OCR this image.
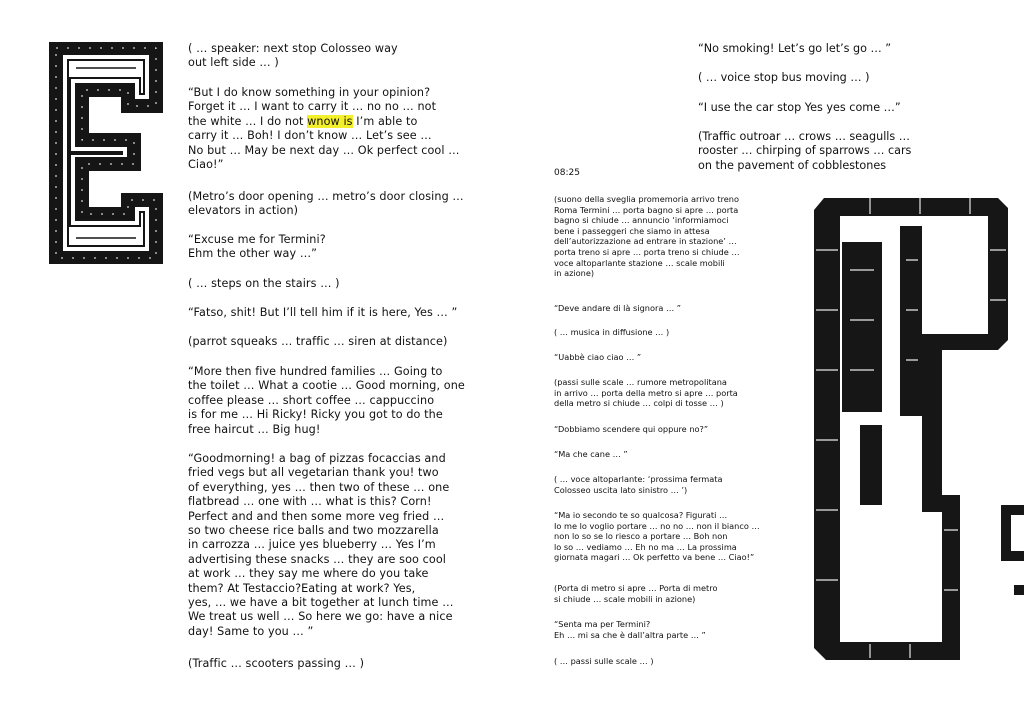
( … speaker: next stop Colosseo way
out left side … )
“But I do know something in your opinion?
Forget it … I want to carry it … no no … not
the white … I do not wnow is I’m able to
carry it … Boh! I don’t know … Let’s see …
No but … May be next day … Ok perfect cool …
Ciao!”
(Metro’s door opening … metro’s door closing …
elevators in action)
“Excuse me for Termini?
Ehm the other way …”
( … steps on the stairs … )
“Fatso, shit! But I’ll tell him if it is here, Yes … ”
(parrot squeaks … traffic … siren at distance)
“More then five hundred families … Going to
the toilet … What a cootie … Good morning, one
coffee please … short coffee … cappuccino
is for me … Hi Ricky! Ricky you got to do the
free haircut … Big hug!
“Goodmorning! a bag of pizzas focaccias and
fried vegs but all vegetarian thank you! two
of everything, yes … then two of these … one
flatbread … one with … what is this? Corn!
Perfect and and then some more veg fried …
so two cheese rice balls and two mozzarella
in carrozza … juice yes blueberry … Yes I’m
advertising these snacks … they are soo cool
at work … they say me where do you take
them? At Testaccio?Eating at work? Yes,
yes, … we have a bit together at lunch time …
We treat us well … So here we go: have a nice
day! Same to you … ”
(Traffic … scooters passing … )
“No smoking! Let’s go let’s go … ”
( … voice stop bus moving … )
“I use the car stop Yes yes come …”
(Traffic outroar … crows … seagulls …
rooster … chirping of sparrows … cars
on the pavement of cobblestones
08:25
(suono della sveglia promemoria arrivo treno
Roma Termini … porta bagno si apre … porta
bagno si chiude … annuncio ‘informiamoci
bene i passeggeri che siamo in attesa
dell’autorizzazione ad entrare in stazione’ …
porta treno si apre … porta treno si chiude …
voce altoparlante stazione … scale mobili
in azione)
“Deve andare di là signora … ”
( … musica in diffusione … )
“Uabbè ciao ciao … ”
(passi sulle scale … rumore metropolitana
in arrivo … porta della metro si apre … porta
della metro si chiude … colpi di tosse … )
“Dobbiamo scendere qui oppure no?”
“Ma che cane … ”
( … voce altoparlante: ‘prossima fermata
Colosseo uscita lato sinistro … ’)
“Ma io secondo te so qualcosa? Figurati …
Io me lo voglio portare … no no … non il bianco …
non lo so se lo riesco a portare … Boh non
lo so … vediamo … Eh no ma … La prossima
giornata magari … Ok perfetto va bene … Ciao!”
(Porta di metro si apre … Porta di metro
si chiude … scale mobili in azione)
“Senta ma per Termini?
Eh … mi sa che è dall’altra parte … ”
( … passi sulle scale … )
